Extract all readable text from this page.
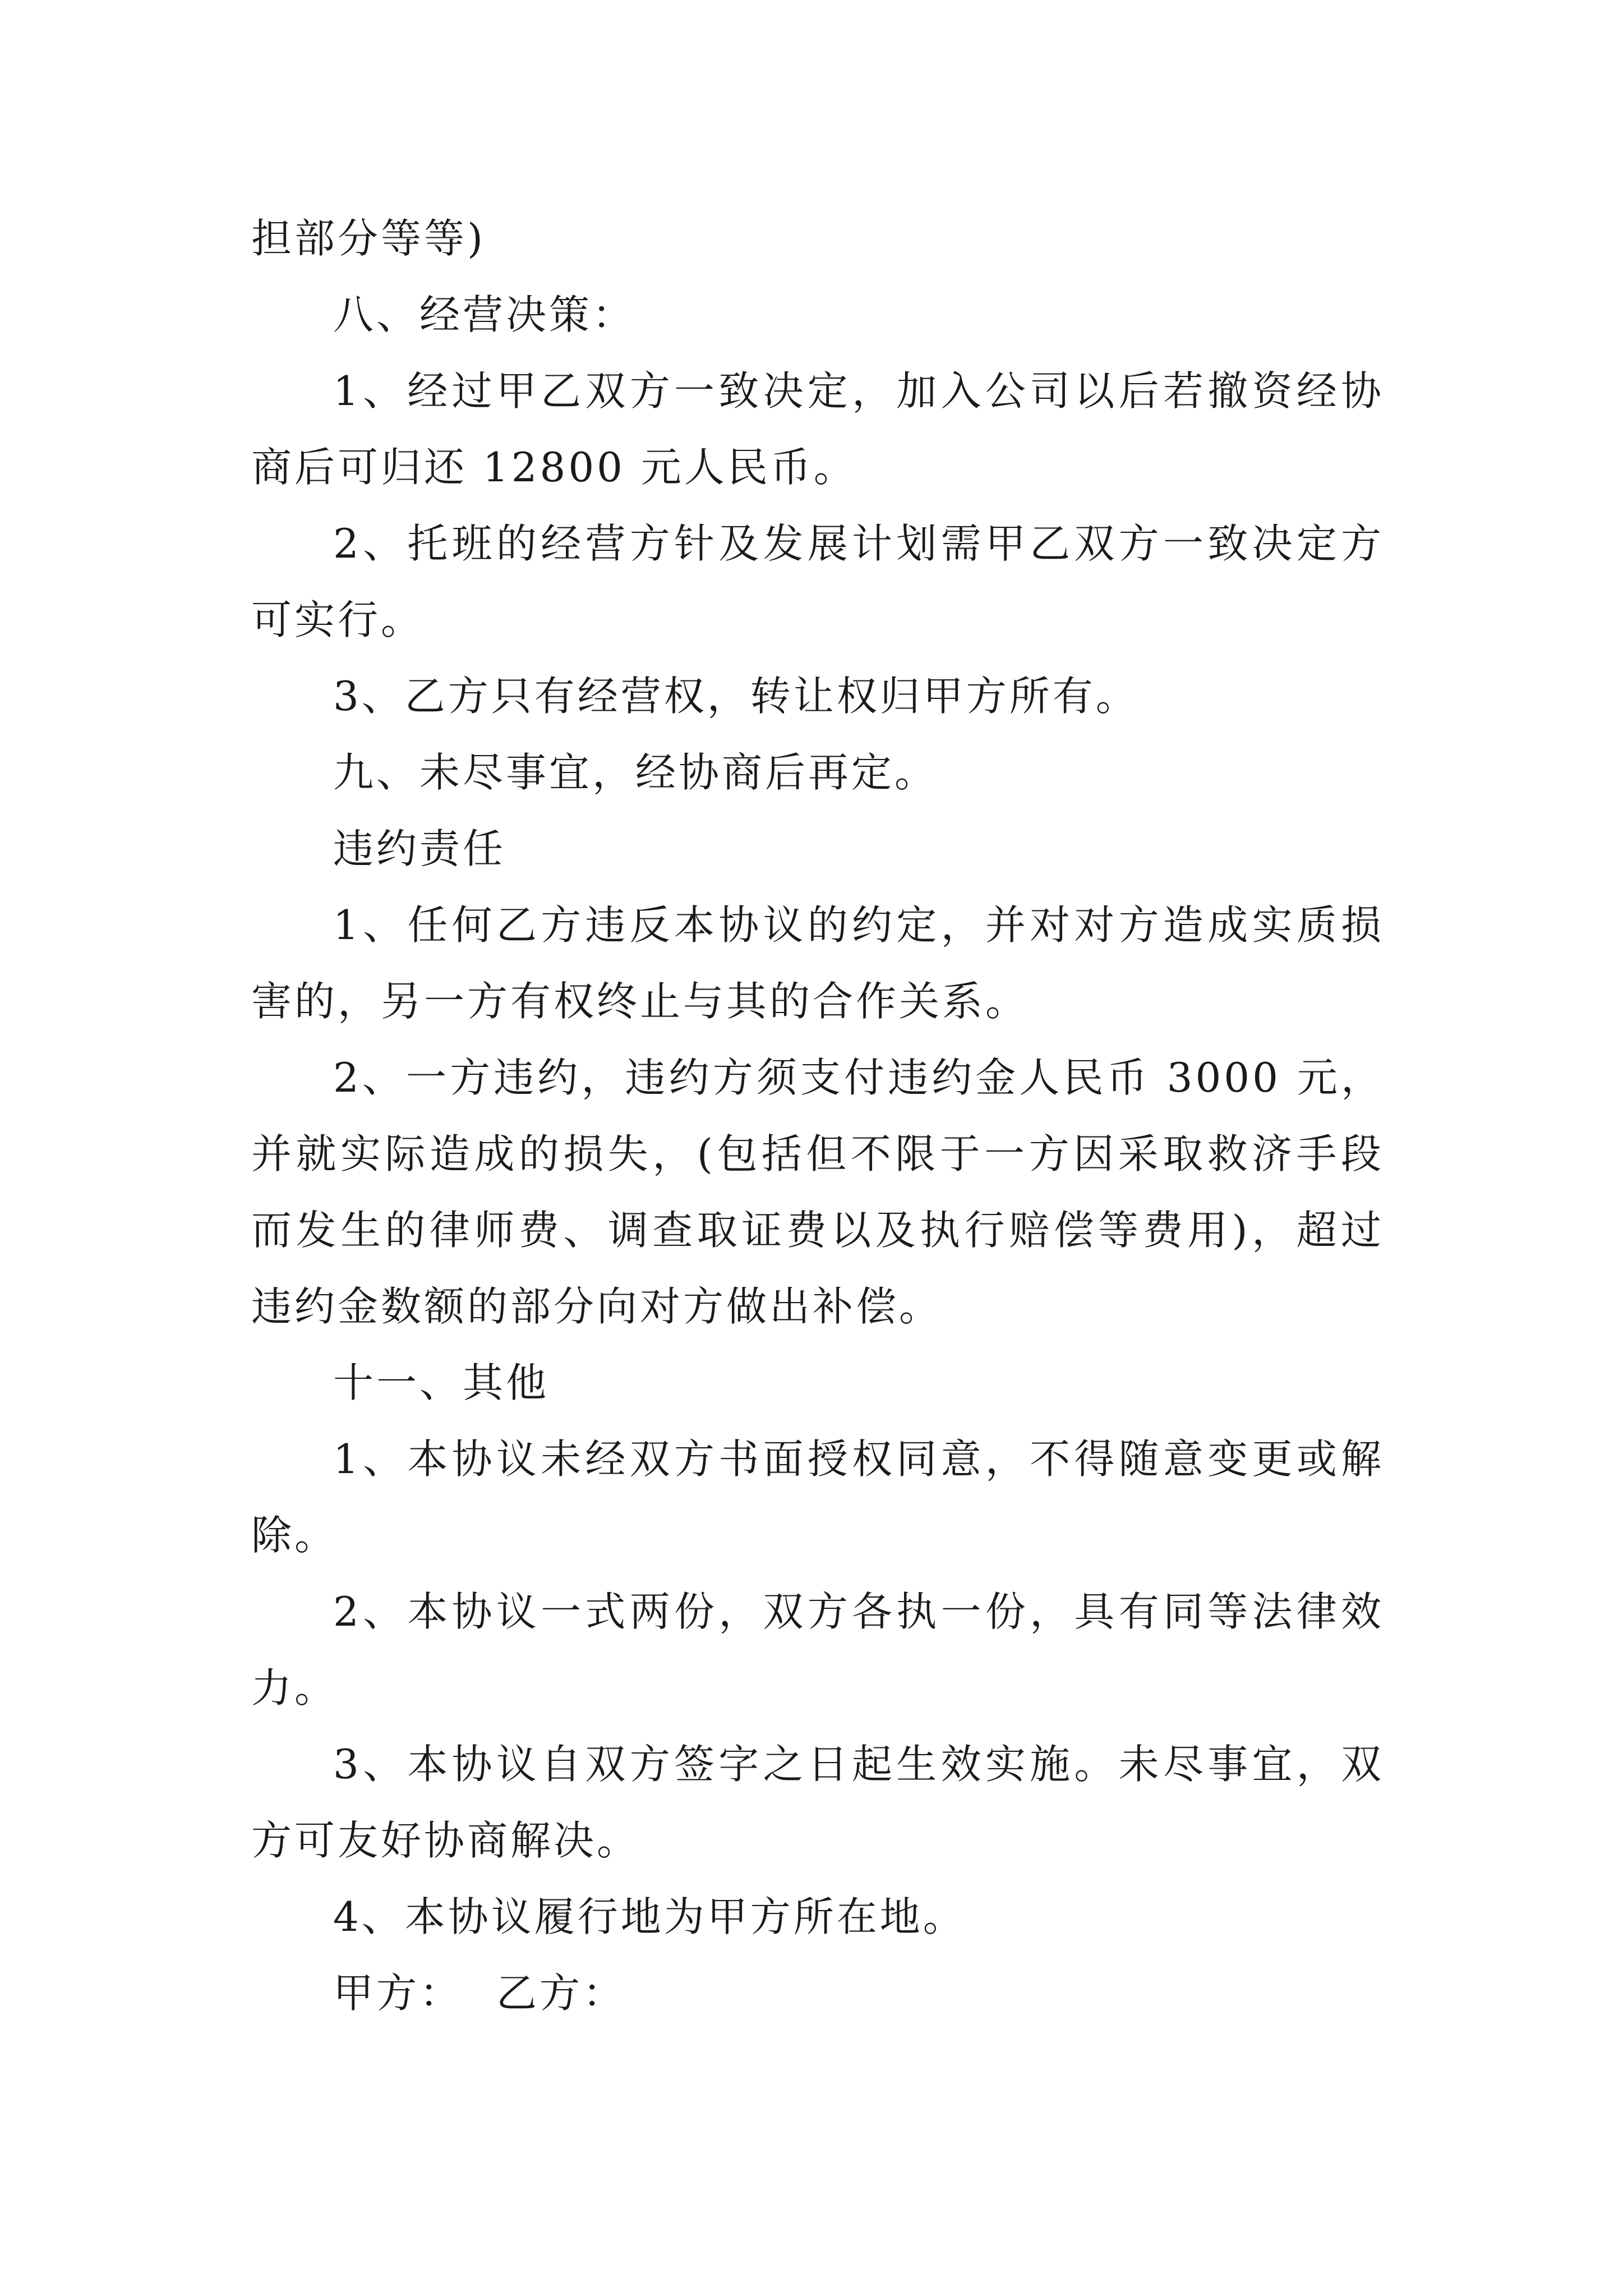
担部分等等)

八、经营决策：

1、经过甲乙双方一致决定，加入公司以后若撤资经协商后可归还 12800 元人民币。

2、托班的经营方针及发展计划需甲乙双方一致决定方可实行。

3、乙方只有经营权，转让权归甲方所有。

九、未尽事宜，经协商后再定。

违约责任

1、任何乙方违反本协议的约定，并对对方造成实质损害的，另一方有权终止与其的合作关系。

2、一方违约，违约方须支付违约金人民币 3000 元，并就实际造成的损失，(包括但不限于一方因采取救济手段而发生的律师费、调查取证费以及执行赔偿等费用)，超过违约金数额的部分向对方做出补偿。

十一、其他

1、本协议未经双方书面授权同意，不得随意变更或解除。

2、本协议一式两份，双方各执一份，具有同等法律效力。

3、本协议自双方签字之日起生效实施。未尽事宜，双方可友好协商解决。

4、本协议履行地为甲方所在地。

甲方： 乙方：
